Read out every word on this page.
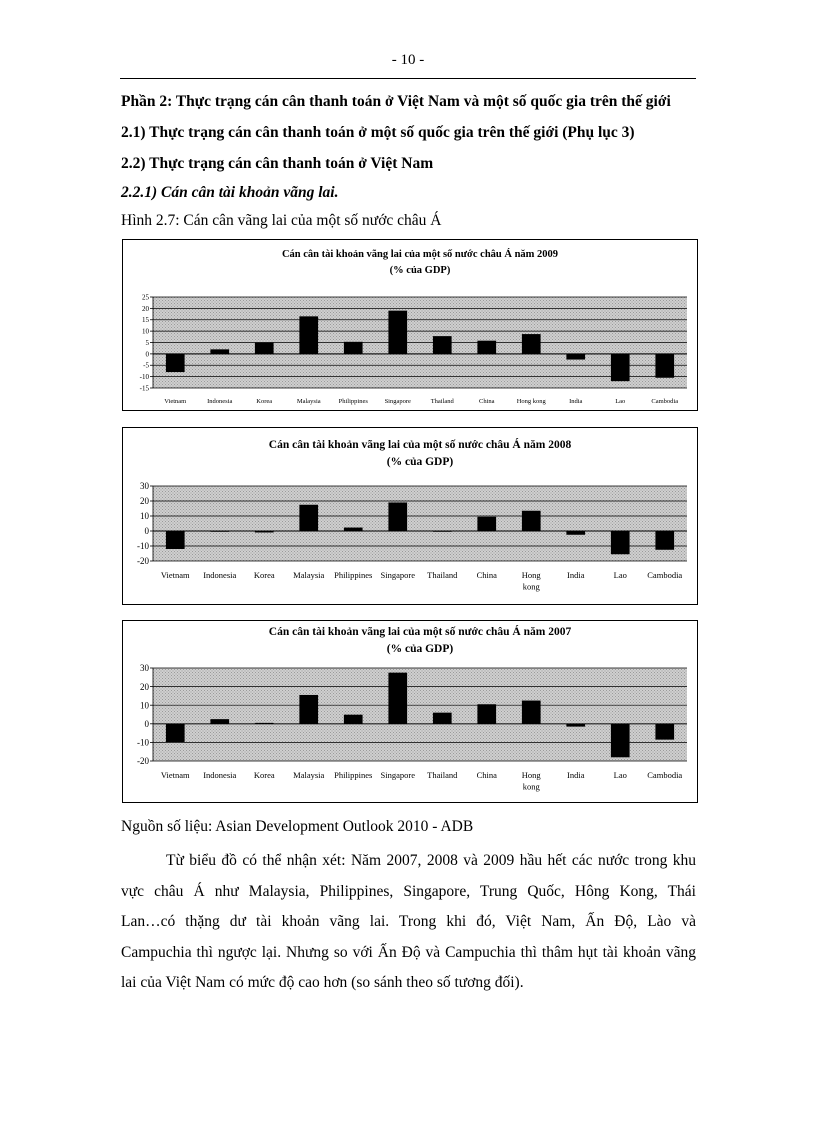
- 10 -
Phần 2: Thực trạng cán cân thanh toán ở Việt Nam và một số quốc gia trên thế giới
2.1) Thực trạng cán cân thanh toán ở một số quốc gia trên thế giới (Phụ lục 3)
2.2) Thực trạng cán cân thanh toán ở Việt Nam
2.2.1) Cán cân tài khoản vãng lai.
Hình 2.7: Cán cân vãng lai của một số nước châu Á
Cán cân tài khoản vãng lai của một số nước châu Á năm 2009
(% của GDP)
25
20
15
10
5
0
-5
-10
-15
Vietnam	Indonesia	Korea	Malaysia	Philippines	Singapore	Thailand	China	Hong kong	India	Lao	Cambodia
Cán cân tài khoản vãng lai của một số nước châu Á năm 2008
(% của GDP)
30
20
10
0
-10
-20
Vietnam Indonesia Korea Malaysia Philippines Singapore Thailand China	Hong kong
India	Lao Cambodia
Cán cân tài khoản vãng lai của một số nước châu Á năm 2007
(% của GDP)
30
20
10
0
-10
-20
Vietnam Indonesia Korea Malaysia Philippines Singapore Thailand China	Hong kong
India	Lao Cambodia
Nguồn số liệu: Asian Development Outlook 2010 - ADB
Từ biểu đồ có thể nhận xét: Năm 2007, 2008 và 2009 hầu hết các nước trong khu
vực châu Á như Malaysia, Philippines, Singapore, Trung Quốc, Hông Kong, Thái
Lan…có thặng dư tài khoản vãng lai. Trong khi đó, Việt Nam, Ấn Độ, Lào và
Campuchia thì ngược lại. Nhưng so với Ấn Độ và Campuchia thì thâm hụt tài khoản vãng
lai của Việt Nam có mức độ cao hơn (so sánh theo số tương đối).
